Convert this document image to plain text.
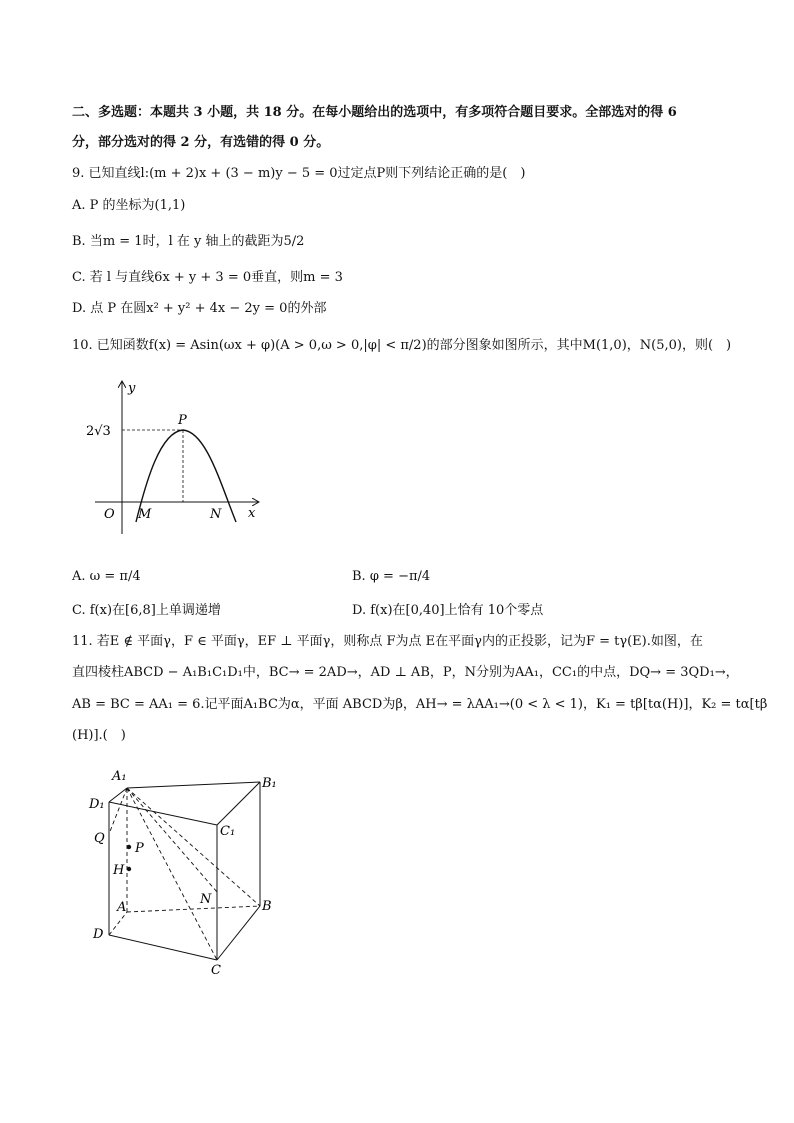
二、多选题：本题共 3 小题，共 18 分。在每小题给出的选项中，有多项符合题目要求。全部选对的得 6
分，部分选对的得 2 分，有选错的得 0 分。
9. 已知直线l:(m + 2)x + (3 − m)y − 5 = 0过定点P则下列结论正确的是(　)
A. P 的坐标为(1,1)
B. 当m = 1时，l 在 y 轴上的截距为5/2
C. 若 l 与直线6x + y + 3 = 0垂直，则m = 3
D. 点 P 在圆x² + y² + 4x − 2y = 0的外部
10. 已知函数f(x) = Asin(ωx + φ)(A > 0,ω > 0,|φ| < π/2)的部分图象如图所示，其中M(1,0)，N(5,0)，则(　)
y
x
O M	N
P
2√3
A. ω = π/4	B. φ = −π/4
C. f(x)在[6,8]上单调递增	D. f(x)在[0,40]上恰有 10个零点
11. 若E ∉ 平面γ，F ∈ 平面γ，EF ⊥ 平面γ，则称点 F为点 E在平面γ内的正投影，记为F = tγ(E).如图，在
直四棱柱ABCD − A₁B₁C₁D₁中，BC→ = 2AD→，AD ⊥ AB，P，N分别为AA₁，CC₁的中点，DQ→ = 3QD₁→，
AB = BC = AA₁ = 6.记平面A₁BC为α，平面 ABCD为β，AH→ = λAA₁→(0 < λ < 1)，K₁ = tβ[tα(H)]，K₂ = tα[tβ
(H)].(　)
A₁	B₁
C₁
D₁
A	B
C
D
Q
P
H
N
